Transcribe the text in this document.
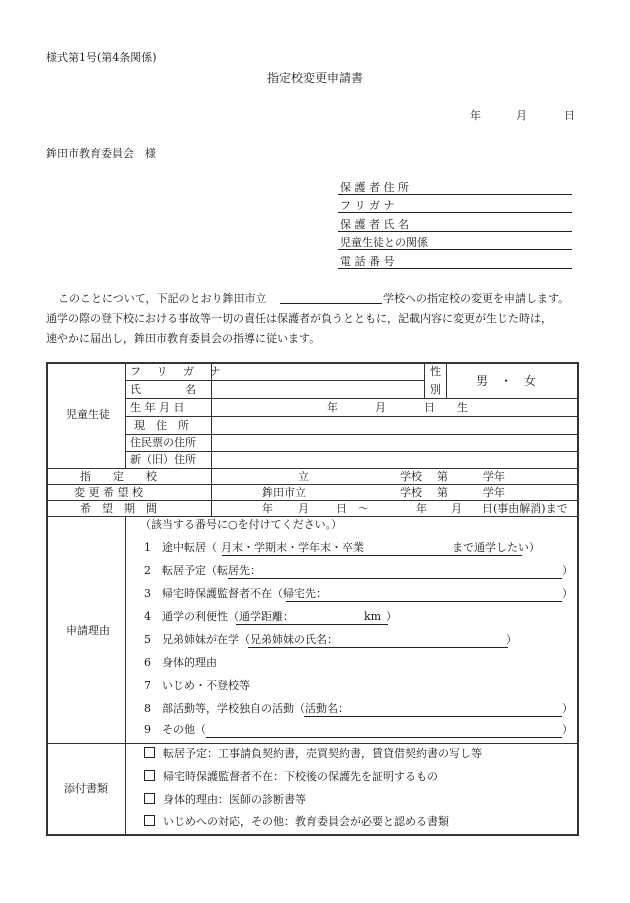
様式第1号(第4条関係)
指定校変更申請書
年	月	日
鉾田市教育委員会　様
保 護 者 住 所
フ リ ガ ナ
保 護 者 氏 名
児童生徒との関係
電 話 番 号
このことについて，下記のとおり鉾田市立	学校への指定校の変更を申請します。
通学の際の登下校における事故等一切の責任は保護者が負うとともに，記載内容に変更が生じた時は，
速やかに届出し，鉾田市教育委員会の指導に従います。
児童生徒
フ リ ガ ナ
氏　　　　名
性
別
男　・　女
生 年 月 日	年	月	日 生
現　住　所
住民票の住所
新（旧）住所
指　　定　　校	立	学校 第	学年
変 更 希 望 校	鉾田市立	学校 第	学年
希　望　期　間	年 月 日　〜	年 月 日(事由解消)まで
申請理由
（該当する番号に○を付けてください。）
1　 途中転居（ 月末・学期末・学年末・卒業	まで通学したい）
2　 転居予定（転居先：	）
3　 帰宅時保護監督者不在（帰宅先：	）
4　 通学の利便性（通学距離：	km ）
5　 兄弟姉妹が在学（兄弟姉妹の氏名：	）
6　 身体的理由
7　 いじめ・不登校等
8　 部活動等，学校独自の活動（活動名：	）
9　 その他（	）
添付書類
転居予定：工事請負契約書，売買契約書，賃貸借契約書の写し等
帰宅時保護監督者不在：下校後の保護先を証明するもの
身体的理由：医師の診断書等
いじめへの対応，その他：教育委員会が必要と認める書類
